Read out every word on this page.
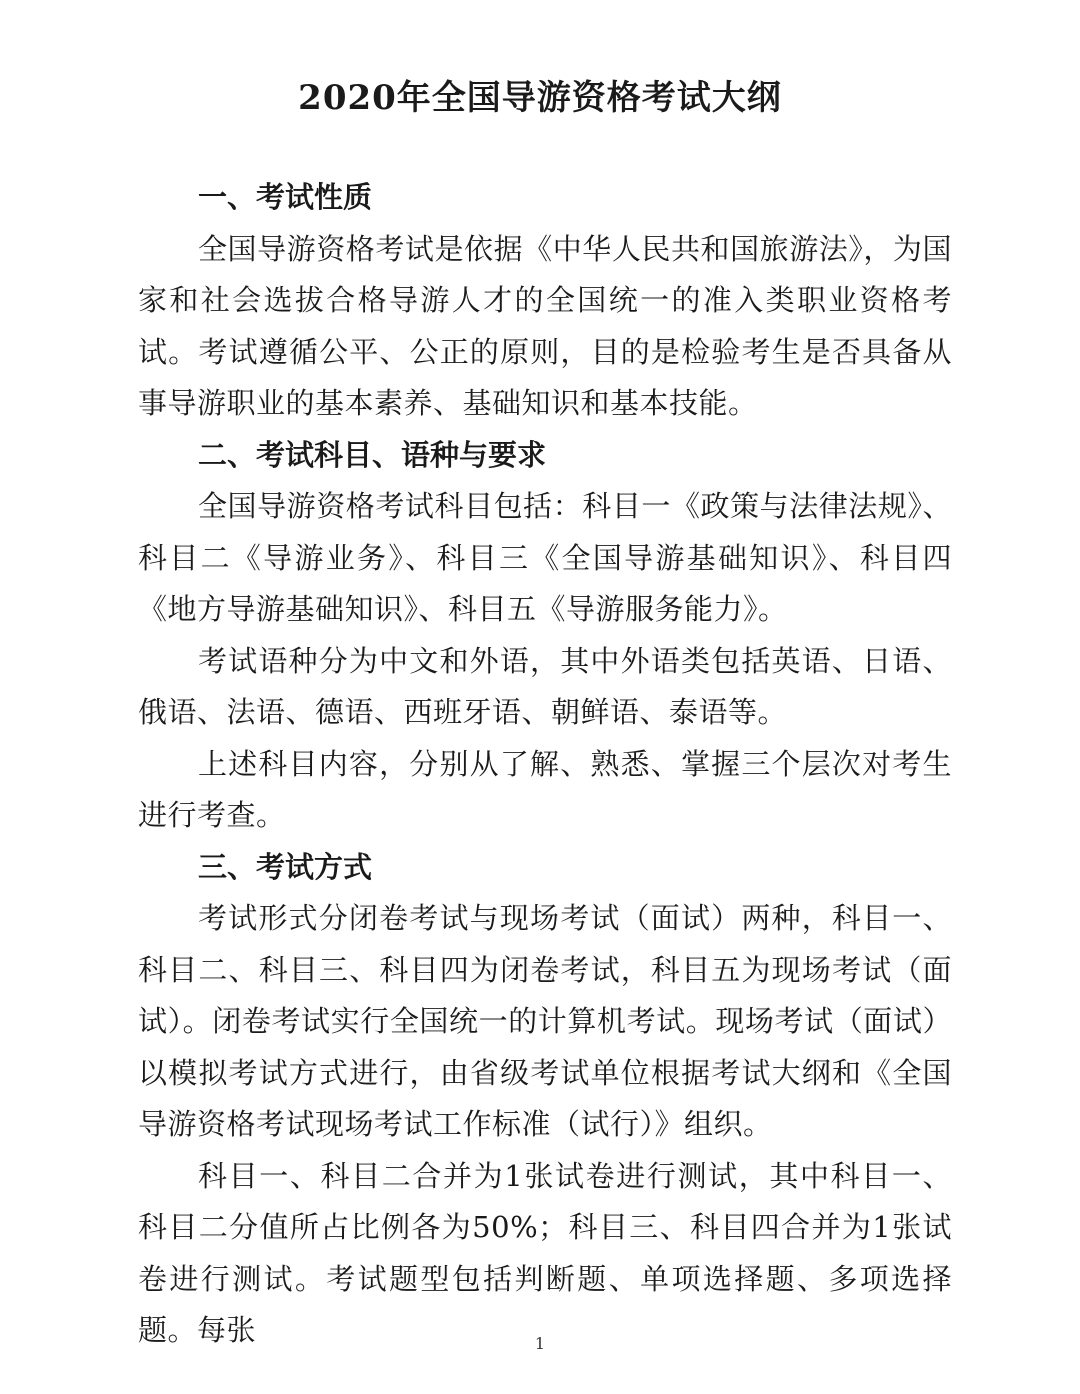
2020年全国导游资格考试大纲
一、考试性质

全国导游资格考试是依据《中华人民共和国旅游法》，为国家和社会选拔合格导游人才的全国统一的准入类职业资格考试。考试遵循公平、公正的原则，目的是检验考生是否具备从事导游职业的基本素养、基础知识和基本技能。

二、考试科目、语种与要求

全国导游资格考试科目包括：科目一《政策与法律法规》、科目二《导游业务》、科目三《全国导游基础知识》、科目四《地方导游基础知识》、科目五《导游服务能力》。

考试语种分为中文和外语，其中外语类包括英语、日语、俄语、法语、德语、西班牙语、朝鲜语、泰语等。

上述科目内容，分别从了解、熟悉、掌握三个层次对考生进行考查。

三、考试方式

考试形式分闭卷考试与现场考试（面试）两种，科目一、科目二、科目三、科目四为闭卷考试，科目五为现场考试（面试）。闭卷考试实行全国统一的计算机考试。现场考试（面试）以模拟考试方式进行，由省级考试单位根据考试大纲和《全国导游资格考试现场考试工作标准（试行）》组织。

科目一、科目二合并为1张试卷进行测试，其中科目一、科目二分值所占比例各为50%；科目三、科目四合并为1张试卷进行测试。考试题型包括判断题、单项选择题、多项选择题。每张	1
